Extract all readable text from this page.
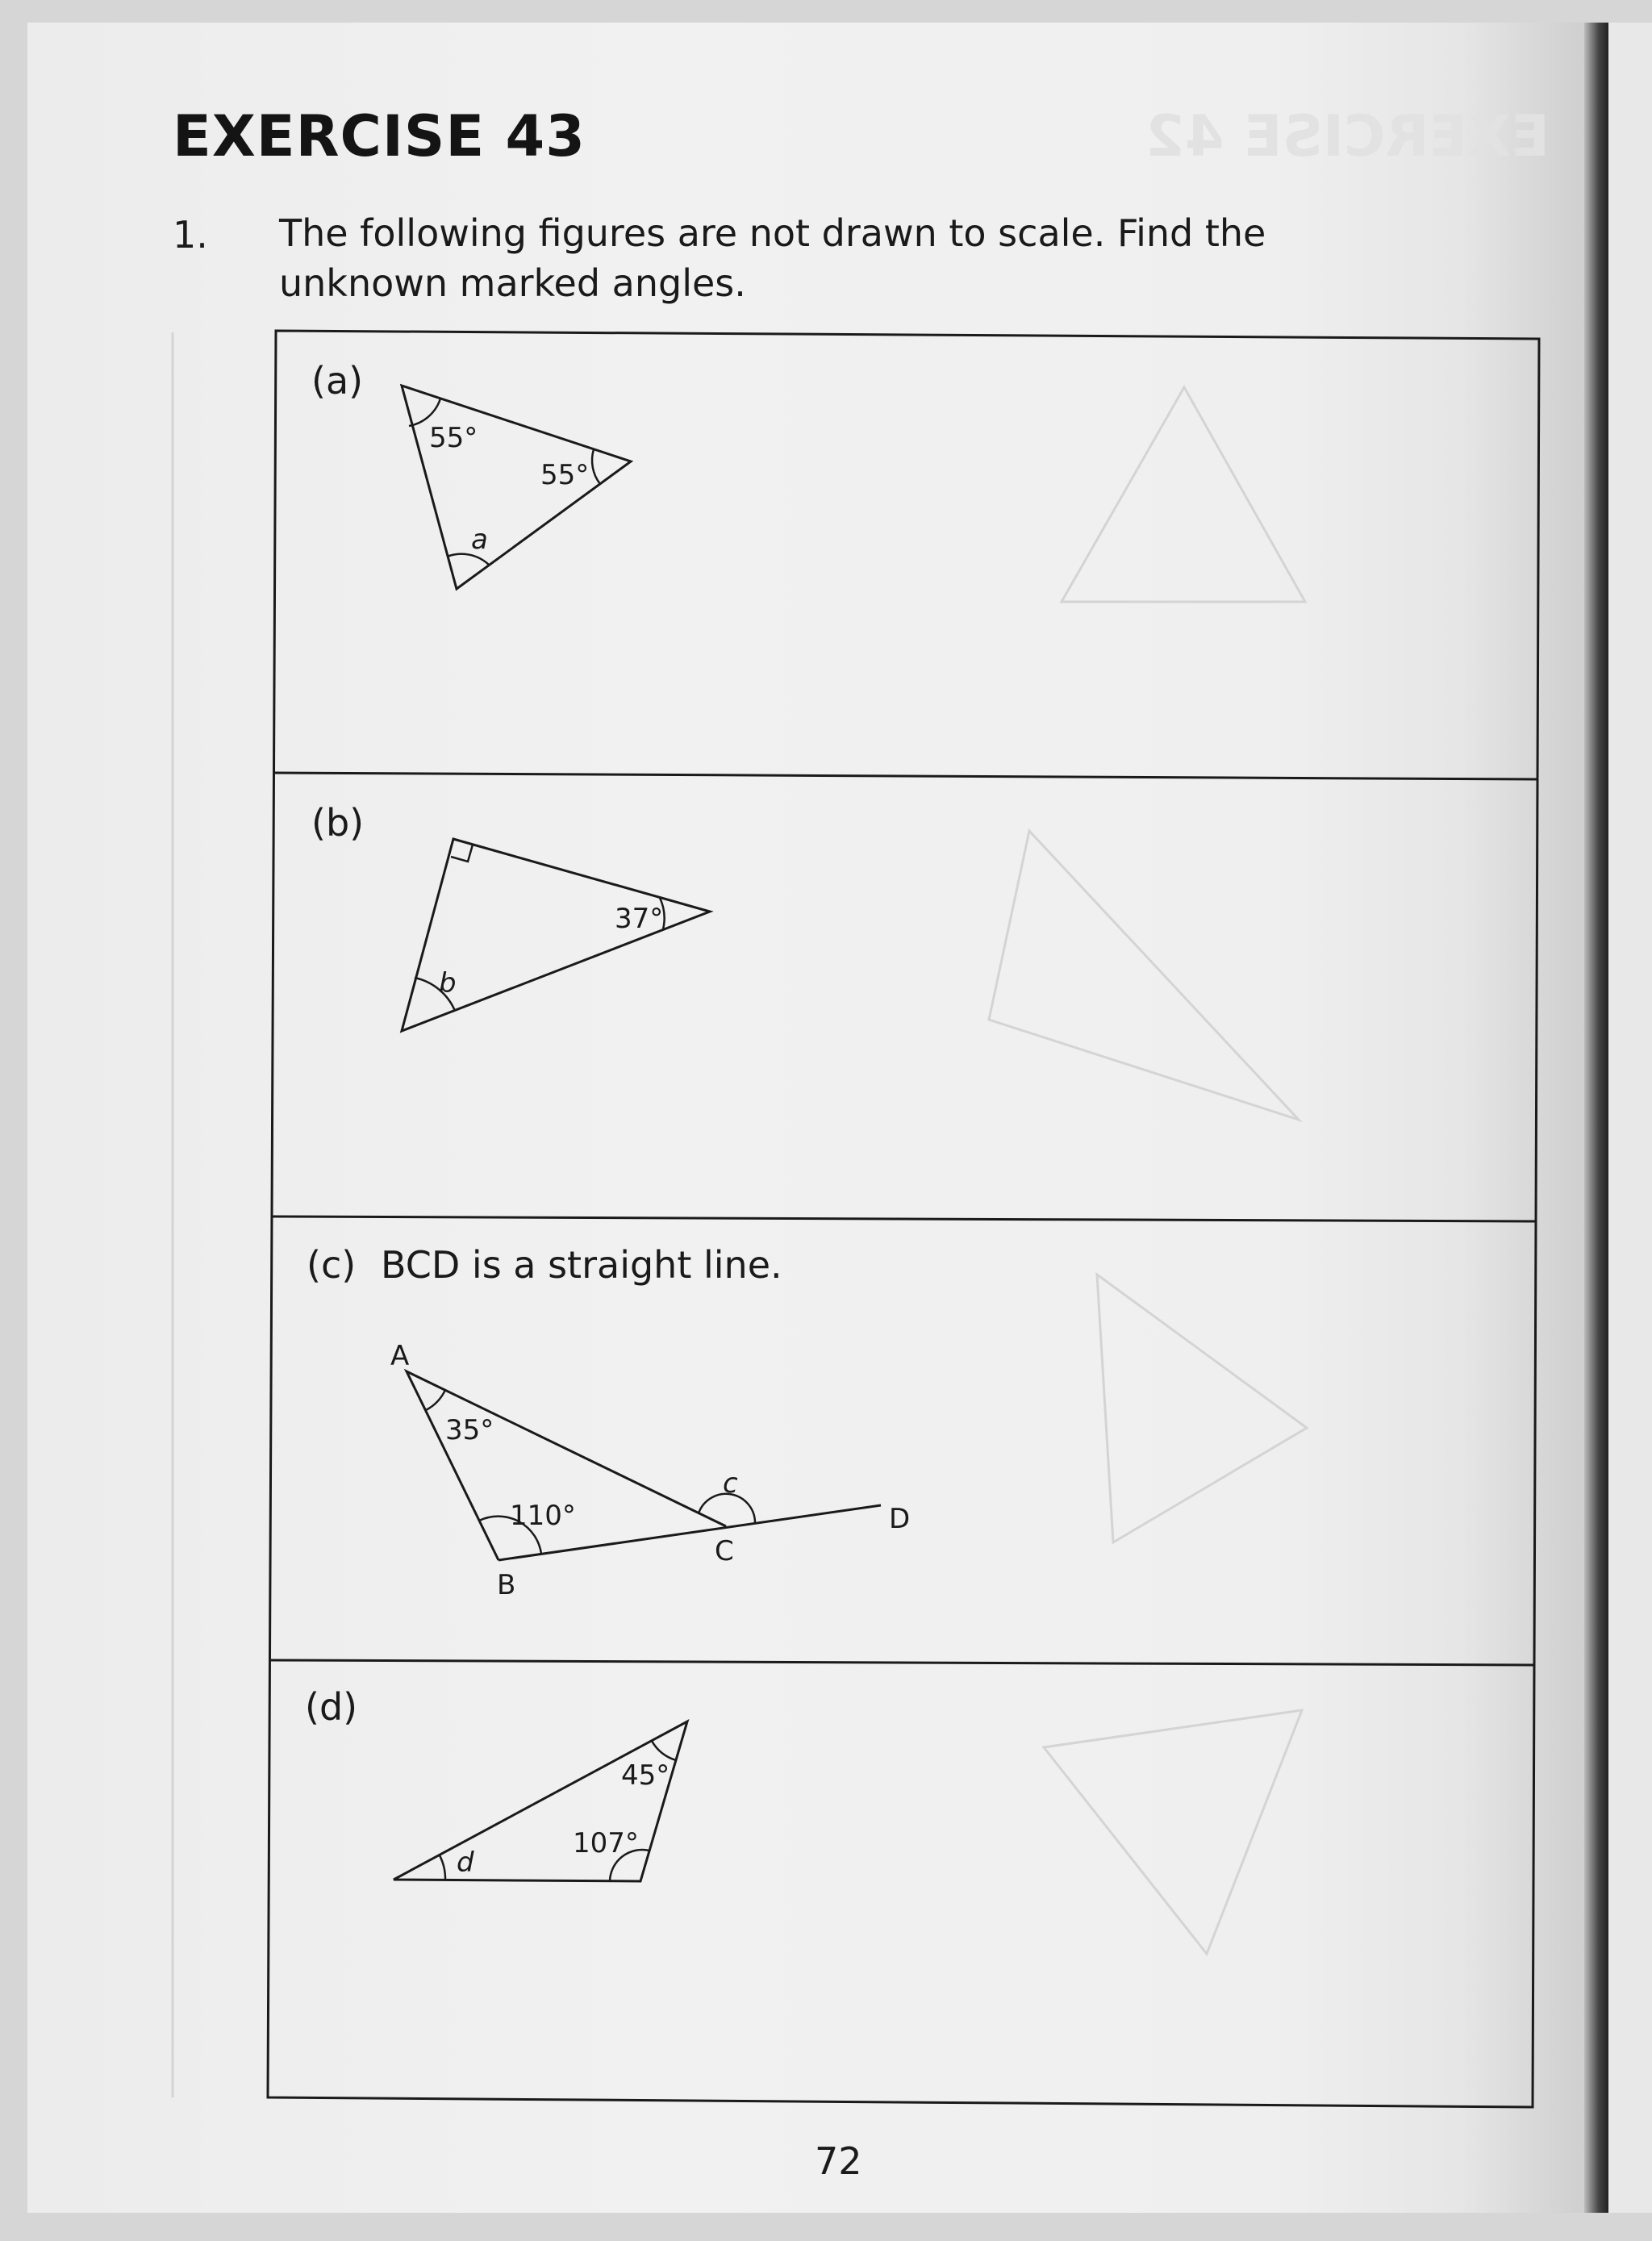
EXERCISE 42
EXERCISE 43
1. The following figures are not drawn to scale. Find the unknown marked angles.
(a)
55°
55°
a
(b)
37°
b
(c) BCD is a straight line.
A
B
C
D
35°
110°
c
(d)
45°
107°
d
72
